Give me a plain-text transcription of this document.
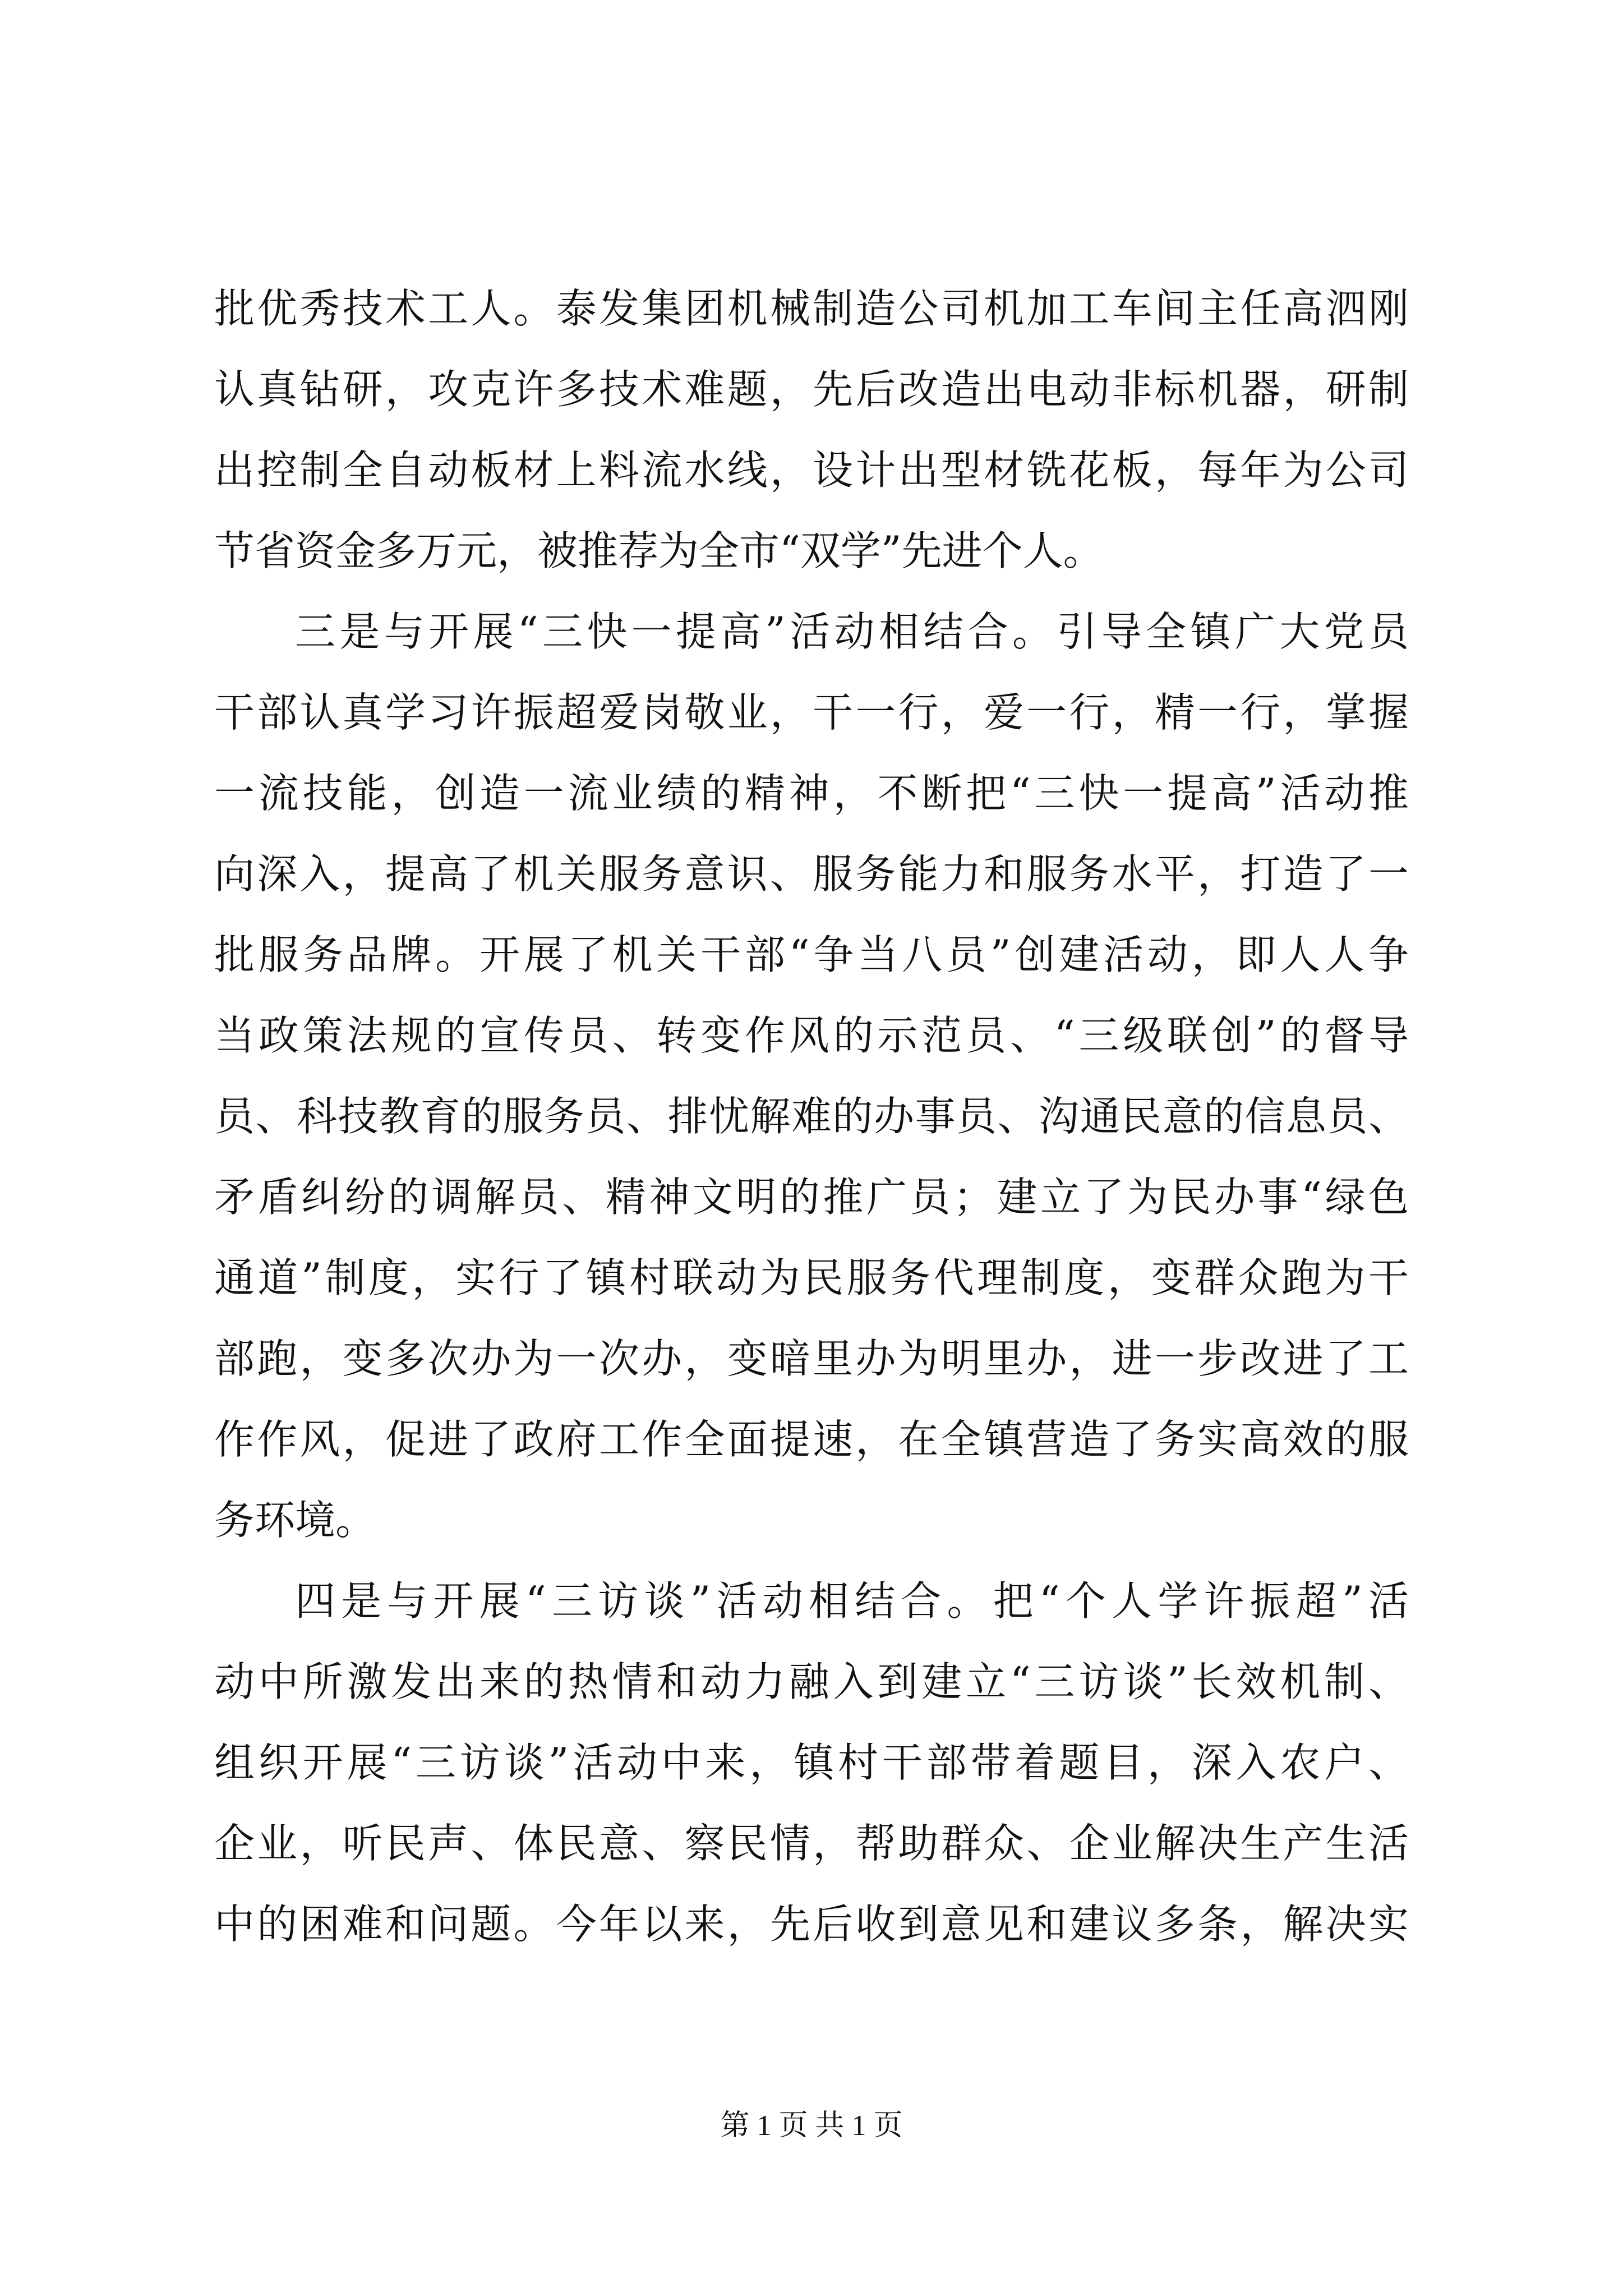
批优秀技术工人。泰发集团机械制造公司机加工车间主任高泗刚
认真钻研，攻克许多技术难题，先后改造出电动非标机器，研制
出控制全自动板材上料流水线，设计出型材铣花板，每年为公司
节省资金多万元，被推荐为全市“双学”先进个人。
三是与开展“三快一提高”活动相结合。引导全镇广大党员
干部认真学习许振超爱岗敬业，干一行，爱一行，精一行，掌握
一流技能，创造一流业绩的精神，不断把“三快一提高”活动推
向深入，提高了机关服务意识、服务能力和服务水平，打造了一
批服务品牌。开展了机关干部“争当八员”创建活动，即人人争
当政策法规的宣传员、转变作风的示范员、“三级联创”的督导
员、科技教育的服务员、排忧解难的办事员、沟通民意的信息员、
矛盾纠纷的调解员、精神文明的推广员；建立了为民办事“绿色
通道”制度，实行了镇村联动为民服务代理制度，变群众跑为干
部跑，变多次办为一次办，变暗里办为明里办，进一步改进了工
作作风，促进了政府工作全面提速，在全镇营造了务实高效的服
务环境。
四是与开展“三访谈”活动相结合。把“个人学许振超”活
动中所激发出来的热情和动力融入到建立“三访谈”长效机制、
组织开展“三访谈”活动中来，镇村干部带着题目，深入农户、
企业，听民声、体民意、察民情，帮助群众、企业解决生产生活
中的困难和问题。今年以来，先后收到意见和建议多条，解决实
第 1 页 共 1 页
